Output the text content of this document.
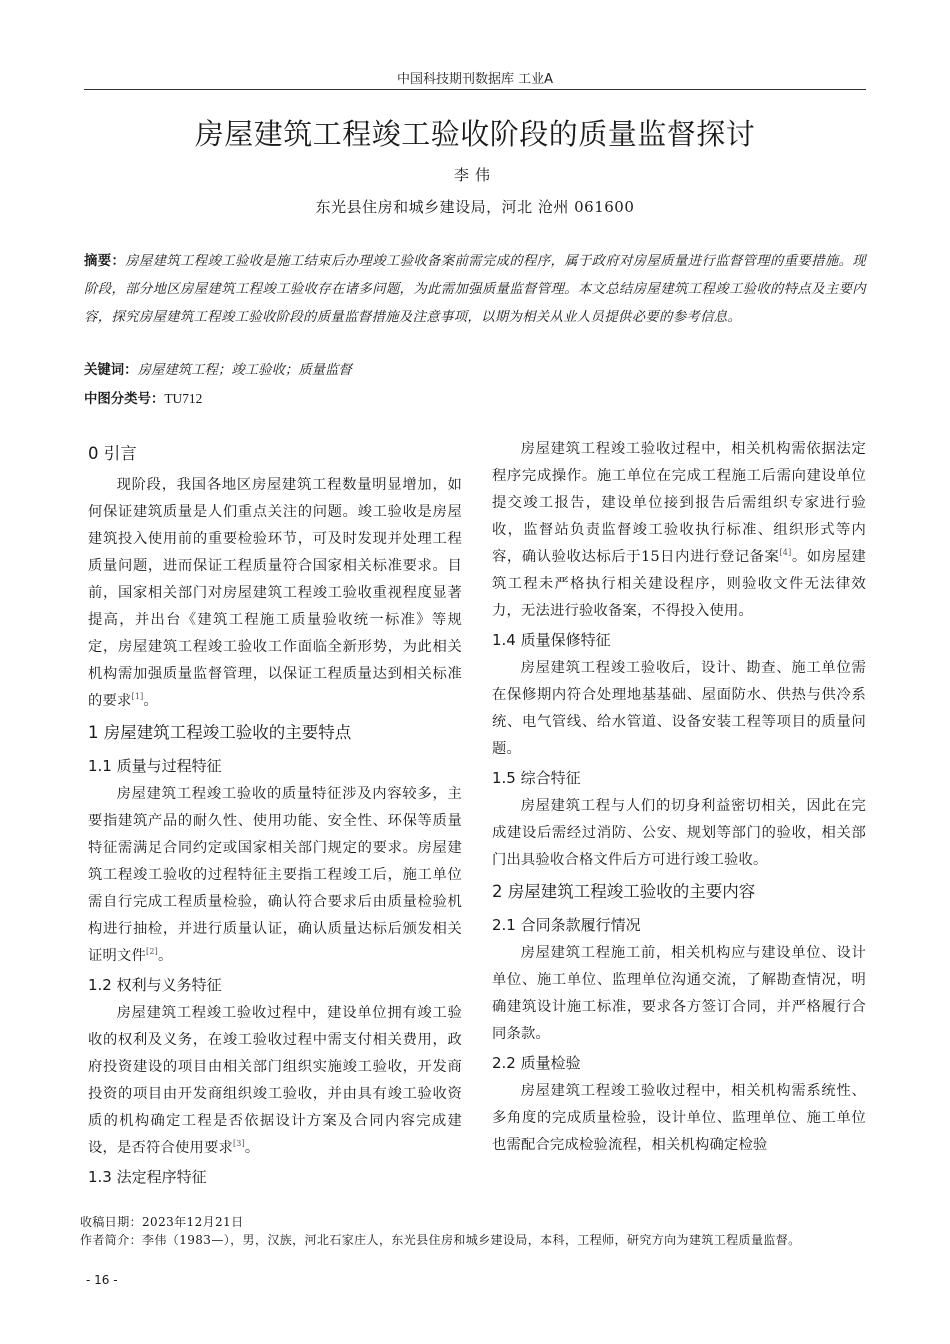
中国科技期刊数据库 工业A
房屋建筑工程竣工验收阶段的质量监督探讨
李伟
东光县住房和城乡建设局，河北 沧州 061600

摘要：房屋建筑工程竣工验收是施工结束后办理竣工验收备案前需完成的程序，属于政府对房屋质量进行监督管理的重要措施。现阶段，部分地区房屋建筑工程竣工验收存在诸多问题，为此需加强质量监督管理。本文总结房屋建筑工程竣工验收的特点及主要内容，探究房屋建筑工程竣工验收阶段的质量监督措施及注意事项，以期为相关从业人员提供必要的参考信息。

关键词：房屋建筑工程；竣工验收；质量监督

中图分类号：TU712

0 引言

现阶段，我国各地区房屋建筑工程数量明显增加，如何保证建筑质量是人们重点关注的问题。竣工验收是房屋建筑投入使用前的重要检验环节，可及时发现并处理工程质量问题，进而保证工程质量符合国家相关标准要求。目前，国家相关部门对房屋建筑工程竣工验收重视程度显著提高，并出台《建筑工程施工质量验收统一标准》等规定，房屋建筑工程竣工验收工作面临全新形势，为此相关机构需加强质量监督管理，以保证工程质量达到相关标准的要求[1]。

1 房屋建筑工程竣工验收的主要特点
1.1 质量与过程特征

房屋建筑工程竣工验收的质量特征涉及内容较多，主要指建筑产品的耐久性、使用功能、安全性、环保等质量特征需满足合同约定或国家相关部门规定的要求。房屋建筑工程竣工验收的过程特征主要指工程竣工后，施工单位需自行完成工程质量检验，确认符合要求后由质量检验机构进行抽检，并进行质量认证，确认质量达标后颁发相关证明文件[2]。

1.2 权利与义务特征

房屋建筑工程竣工验收过程中，建设单位拥有竣工验收的权利及义务，在竣工验收过程中需支付相关费用，政府投资建设的项目由相关部门组织实施竣工验收，开发商投资的项目由开发商组织竣工验收，并由具有竣工验收资质的机构确定工程是否依据设计方案及合同内容完成建设，是否符合使用要求[3]。

1.3 法定程序特征

房屋建筑工程竣工验收过程中，相关机构需依据法定程序完成操作。施工单位在完成工程施工后需向建设单位提交竣工报告，建设单位接到报告后需组织专家进行验收，监督站负责监督竣工验收执行标准、组织形式等内容，确认验收达标后于15日内进行登记备案[4]。如房屋建筑工程未严格执行相关建设程序，则验收文件无法律效力，无法进行验收备案，不得投入使用。

1.4 质量保修特征

房屋建筑工程竣工验收后，设计、勘查、施工单位需在保修期内符合处理地基基础、屋面防水、供热与供冷系统、电气管线、给水管道、设备安装工程等项目的质量问题。

1.5 综合特征

房屋建筑工程与人们的切身利益密切相关，因此在完成建设后需经过消防、公安、规划等部门的验收，相关部门出具验收合格文件后方可进行竣工验收。

2 房屋建筑工程竣工验收的主要内容
2.1 合同条款履行情况

房屋建筑工程施工前，相关机构应与建设单位、设计单位、施工单位、监理单位沟通交流，了解勘查情况，明确建筑设计施工标准，要求各方签订合同，并严格履行合同条款。

2.2 质量检验

房屋建筑工程竣工验收过程中，相关机构需系统性、多角度的完成质量检验，设计单位、监理单位、施工单位也需配合完成检验流程，相关机构确定检验

收稿日期：2023年12月21日

作者简介：李伟（1983—），男，汉族，河北石家庄人，东光县住房和城乡建设局，本科，工程师，研究方向为建筑工程质量监督。

- 16 -
